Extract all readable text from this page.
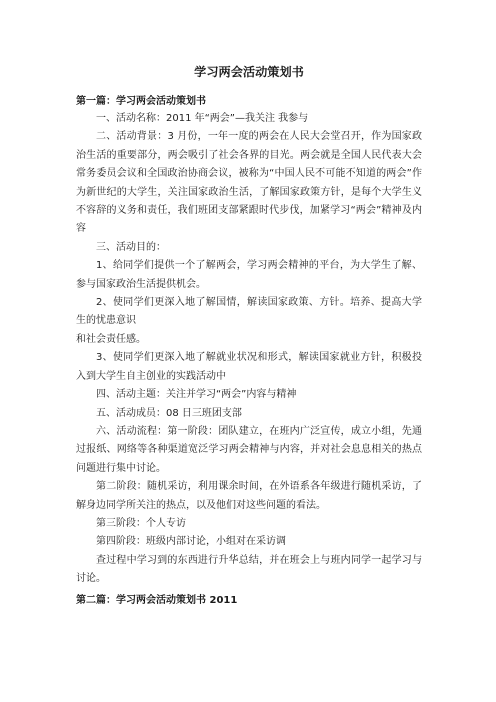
学习两会活动策划书
第一篇：学习两会活动策划书

一、活动名称：2011 年“两会”—我关注 我参与

二、活动背景：3 月份，一年一度的两会在人民大会堂召开，作为国家政治生活的重要部分，两会吸引了社会各界的目光。两会就是全国人民代表大会常务委员会议和全国政治协商会议，被称为“中国人民不可能不知道的两会”作为新世纪的大学生，关注国家政治生活，了解国家政策方针，是每个大学生义不容辞的义务和责任，我们班团支部紧跟时代步伐，加紧学习“两会”精神及内容

三、活动目的：

1、给同学们提供一个了解两会，学习两会精神的平台，为大学生了解、参与国家政治生活提供机会。

2、使同学们更深入地了解国情，解读国家政策、方针。培养、提高大学生的忧患意识

和社会责任感。

3、使同学们更深入地了解就业状况和形式，解读国家就业方针，积极投入到大学生自主创业的实践活动中

四、活动主题：关注并学习“两会”内容与精神

五、活动成员：08 日三班团支部

六、活动流程：第一阶段：团队建立，在班内广泛宣传，成立小组，先通过报纸、网络等各种渠道宽泛学习两会精神与内容，并对社会息息相关的热点问题进行集中讨论。

第二阶段：随机采访，利用课余时间，在外语系各年级进行随机采访，了解身边同学所关注的热点，以及他们对这些问题的看法。

第三阶段：个人专访

第四阶段：班级内部讨论，小组对在采访调

查过程中学习到的东西进行升华总结，并在班会上与班内同学一起学习与讨论。

第二篇：学习两会活动策划书 2011
